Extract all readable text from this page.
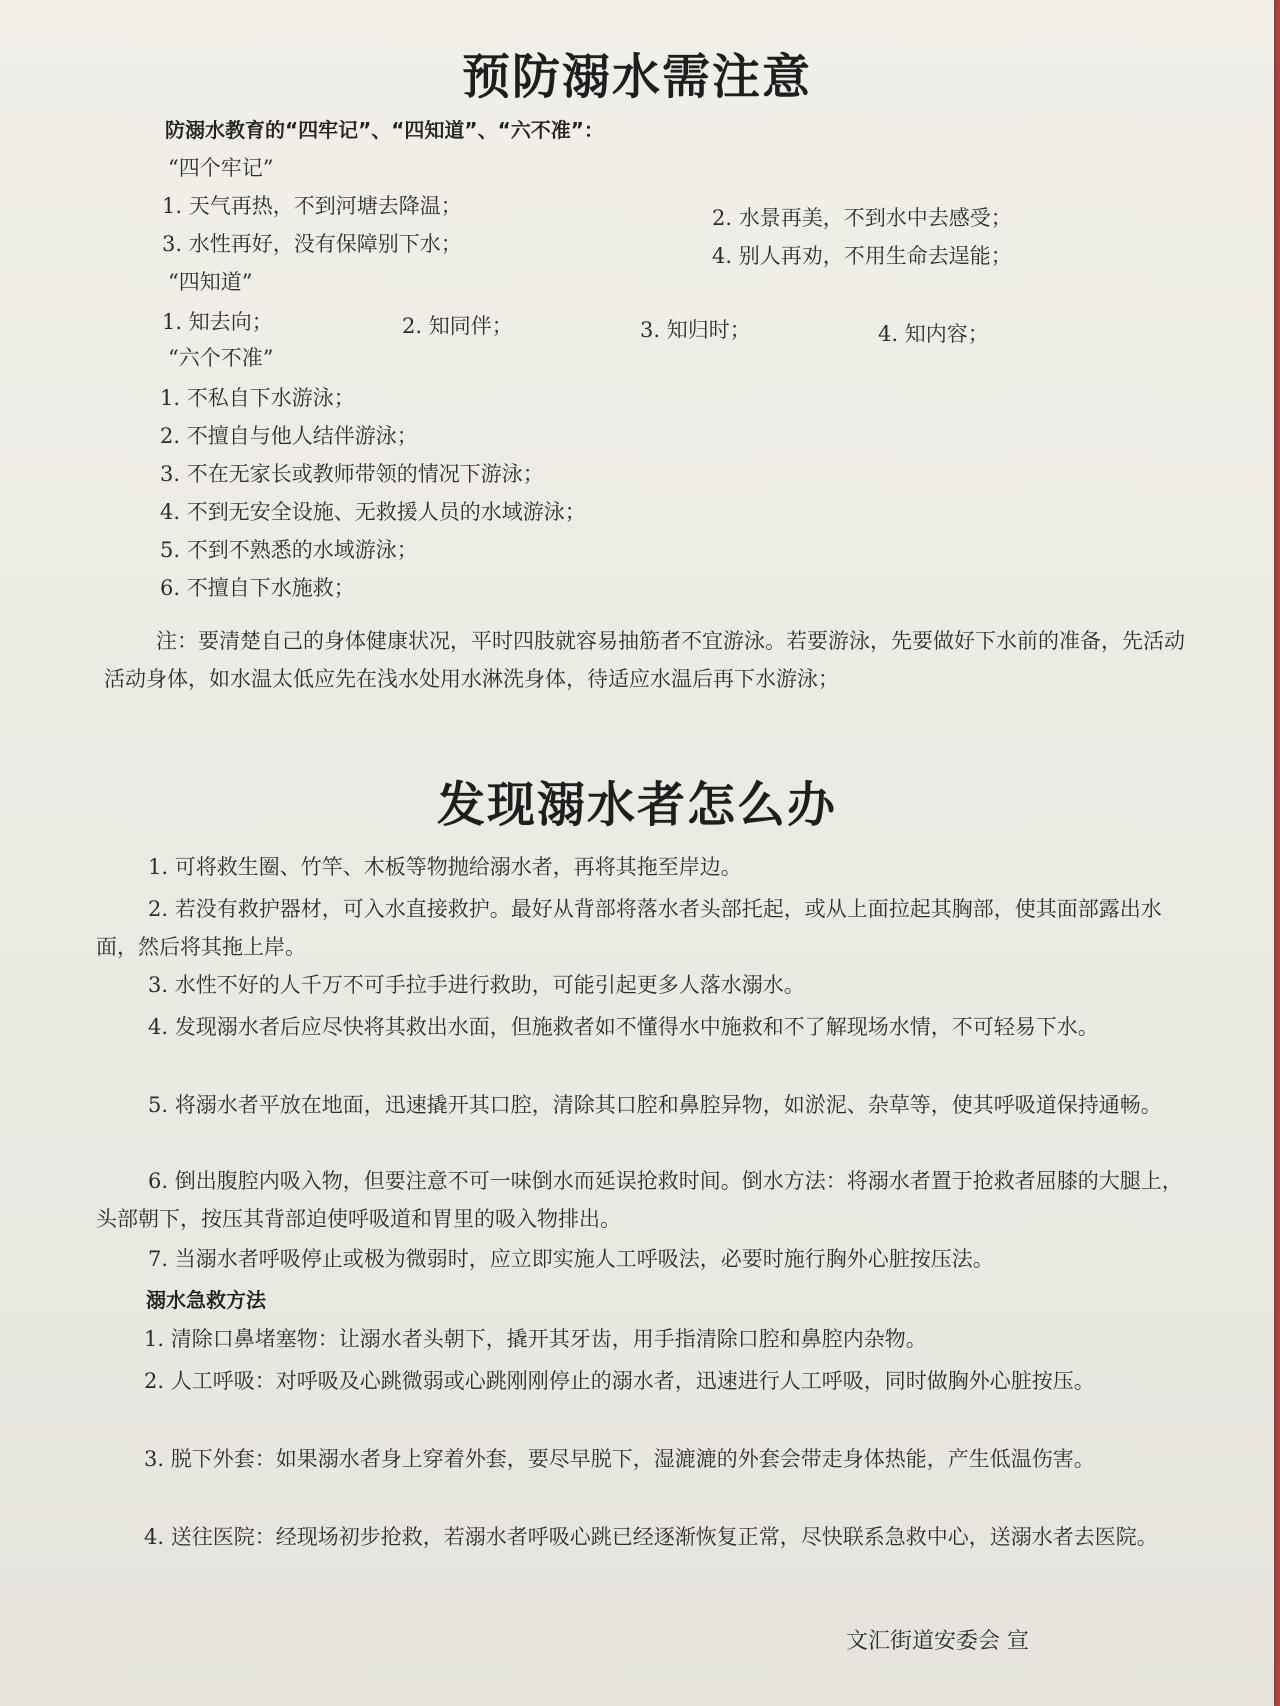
预防溺水需注意
防溺水教育的“四牢记”、“四知道”、“六不准”：
“四个牢记”
1. 天气再热，不到河塘去降温；	2. 水景再美，不到水中去感受；
3. 水性再好，没有保障别下水；	4. 别人再劝，不用生命去逞能；
“四知道”
1. 知去向；	2. 知同伴；	3. 知归时；	4. 知内容；
“六个不准”
1. 不私自下水游泳；
2. 不擅自与他人结伴游泳；
3. 不在无家长或教师带领的情况下游泳；
4. 不到无安全设施、无救援人员的水域游泳；
5. 不到不熟悉的水域游泳；
6. 不擅自下水施救；
注：要清楚自己的身体健康状况，平时四肢就容易抽筋者不宜游泳。若要游泳，先要做好下水前的准备，先活动活动身体，如水温太低应先在浅水处用水淋洗身体，待适应水温后再下水游泳；
发现溺水者怎么办
1. 可将救生圈、竹竿、木板等物抛给溺水者，再将其拖至岸边。
2. 若没有救护器材，可入水直接救护。最好从背部将落水者头部托起，或从上面拉起其胸部，使其面部露出水面，然后将其拖上岸。
3. 水性不好的人千万不可手拉手进行救助，可能引起更多人落水溺水。
4. 发现溺水者后应尽快将其救出水面，但施救者如不懂得水中施救和不了解现场水情，不可轻易下水。
5. 将溺水者平放在地面，迅速撬开其口腔，清除其口腔和鼻腔异物，如淤泥、杂草等，使其呼吸道保持通畅。
6. 倒出腹腔内吸入物，但要注意不可一味倒水而延误抢救时间。倒水方法：将溺水者置于抢救者屈膝的大腿上，头部朝下，按压其背部迫使呼吸道和胃里的吸入物排出。
7. 当溺水者呼吸停止或极为微弱时，应立即实施人工呼吸法，必要时施行胸外心脏按压法。
溺水急救方法
1. 清除口鼻堵塞物：让溺水者头朝下，撬开其牙齿，用手指清除口腔和鼻腔内杂物。
2. 人工呼吸：对呼吸及心跳微弱或心跳刚刚停止的溺水者，迅速进行人工呼吸，同时做胸外心脏按压。
3. 脱下外套：如果溺水者身上穿着外套，要尽早脱下，湿漉漉的外套会带走身体热能，产生低温伤害。
4. 送往医院：经现场初步抢救，若溺水者呼吸心跳已经逐渐恢复正常，尽快联系急救中心，送溺水者去医院。
文汇街道安委会 宣
